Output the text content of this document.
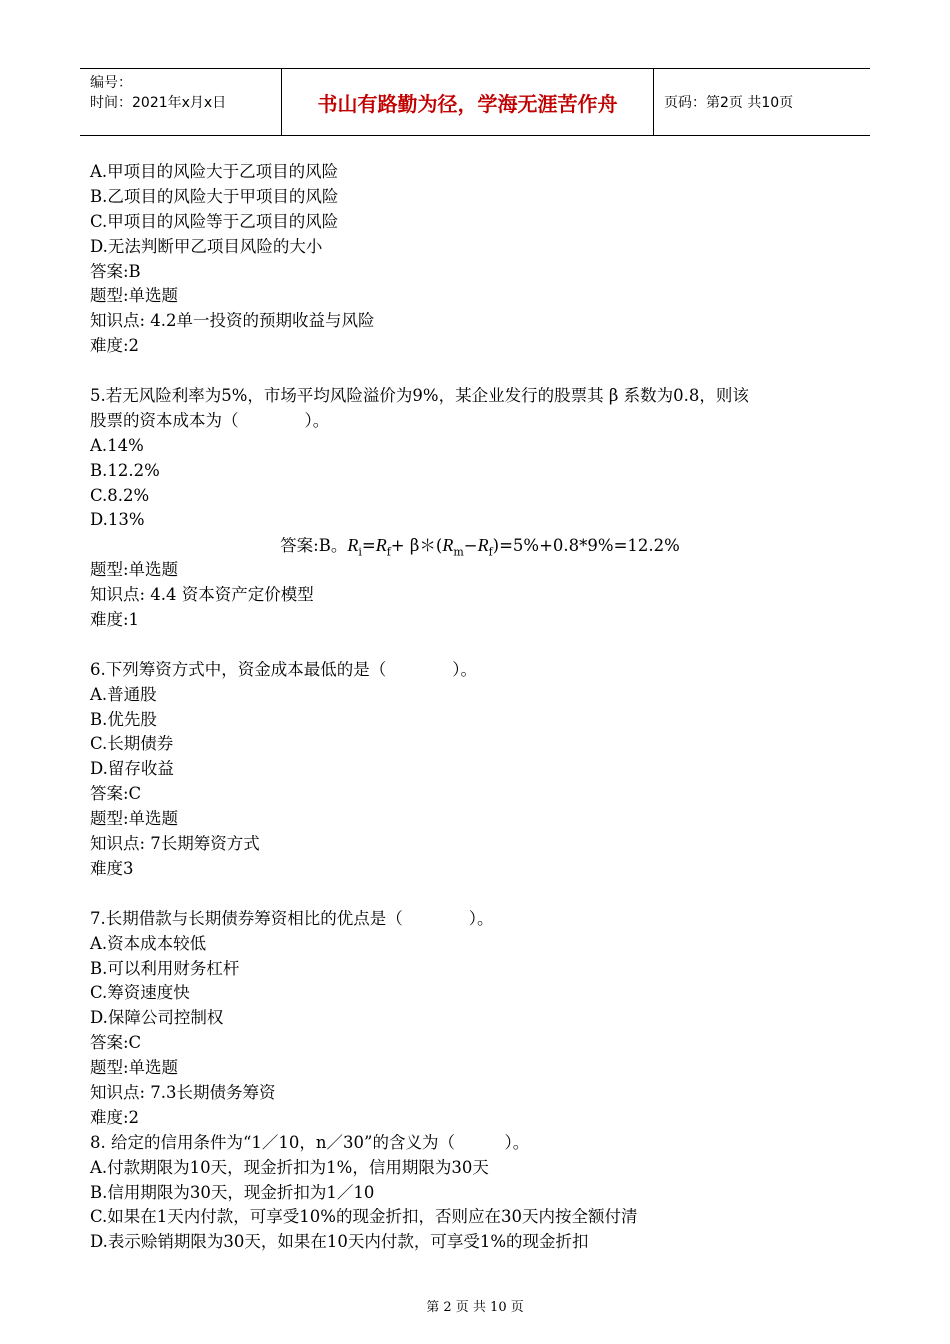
编号：
时间：2021年x月x日	书山有路勤为径，学海无涯苦作舟	页码：第2页 共10页
A.甲项目的风险大于乙项目的风险
B.乙项目的风险大于甲项目的风险
C.甲项目的风险等于乙项目的风险
D.无法判断甲乙项目风险的大小
答案:B
题型:单选题
知识点: 4.2单一投资的预期收益与风险
难度:2
5.若无风险利率为5%，市场平均风险溢价为9%，某企业发行的股票其 β 系数为0.8，则该
股票的资本成本为（　　　　）。
A.14%
B.12.2%
C.8.2%
D.13%
答案:B。$R_i=R_f+$ $\beta*(R_m-R_f)=5\%+0.8*9\%=12.2\%$
题型:单选题
知识点: 4.4 资本资产定价模型
难度:1
6.下列筹资方式中，资金成本最低的是（　　　　）。
A.普通股
B.优先股
C.长期债券
D.留存收益
答案:C
题型:单选题
知识点: 7长期筹资方式
难度3
7.长期借款与长期债券筹资相比的优点是（　　　　）。
A.资本成本较低
B.可以利用财务杠杆
C.筹资速度快
D.保障公司控制权
答案:C
题型:单选题
知识点: 7.3长期债务筹资
难度:2
8. 给定的信用条件为“1／10，n／30”的含义为（　　　）。
A.付款期限为10天，现金折扣为1%，信用期限为30天
B.信用期限为30天，现金折扣为1／10
C.如果在1天内付款，可享受10%的现金折扣，否则应在30天内按全额付清
D.表示赊销期限为30天，如果在10天内付款，可享受1%的现金折扣
第 2 页 共 10 页
